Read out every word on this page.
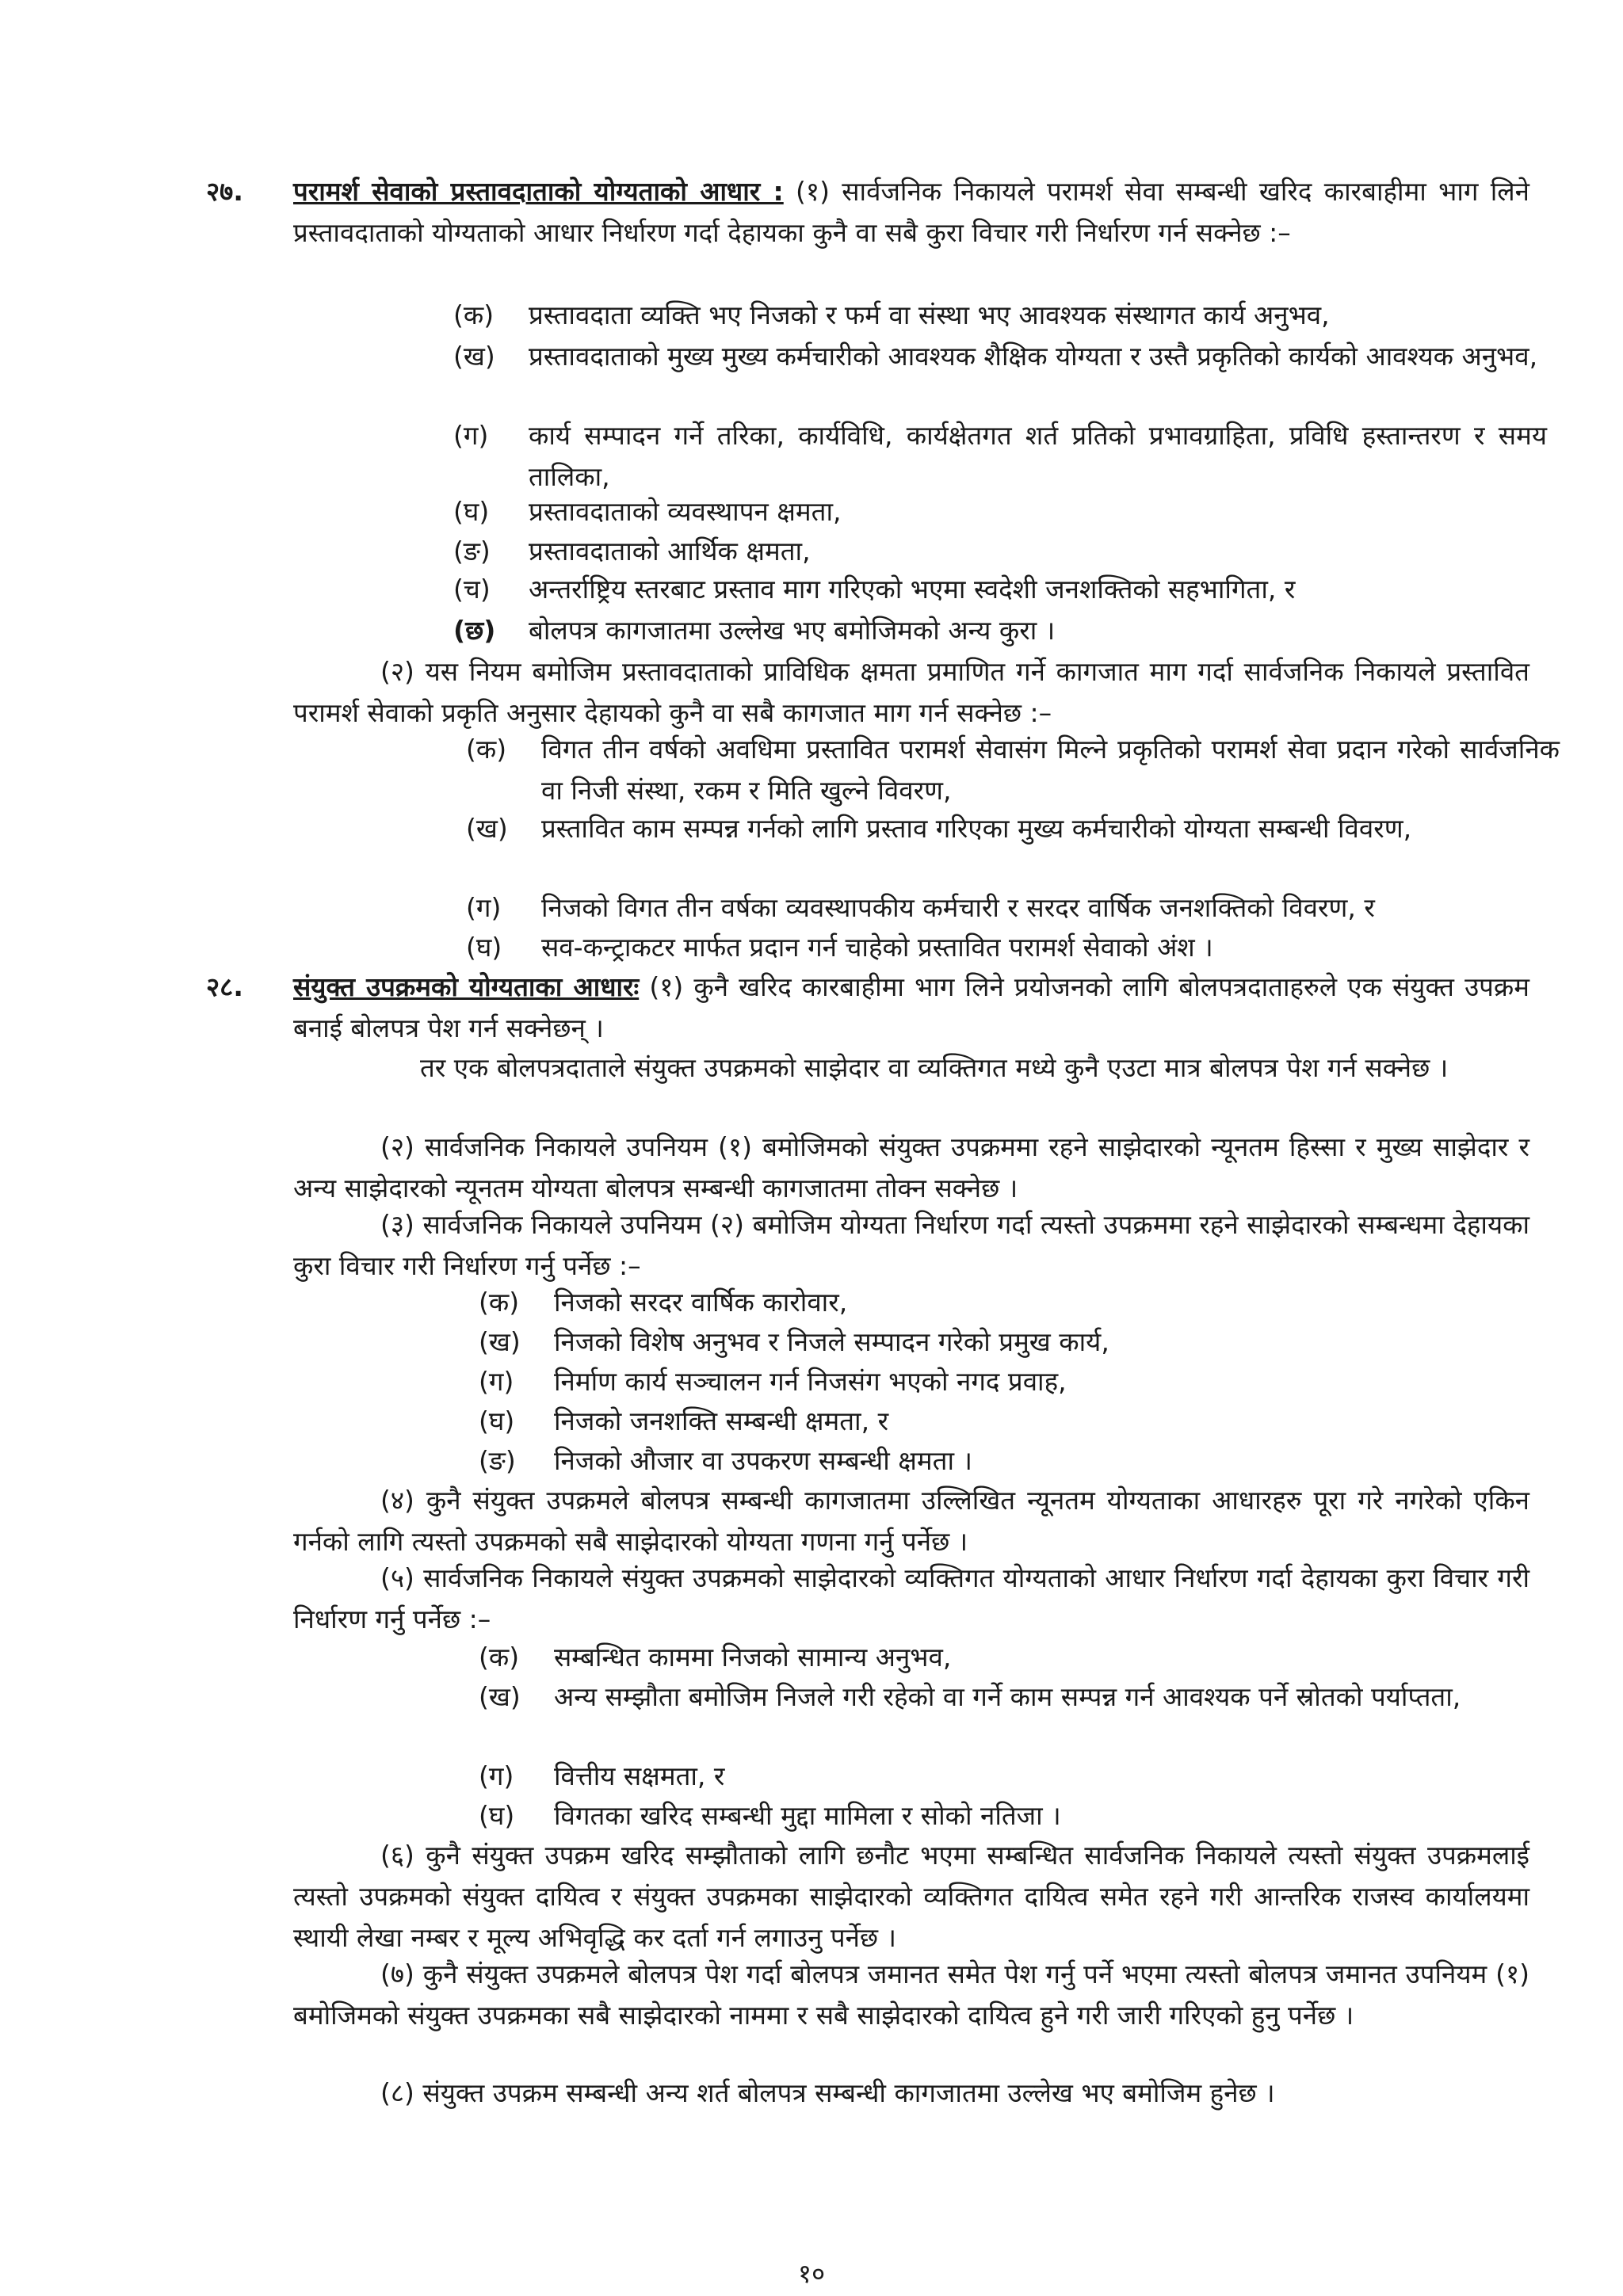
२७. परामर्श सेवाको प्रस्तावदाताको योग्यताको आधार : (१) सार्वजनिक निकायले परामर्श सेवा सम्बन्धी खरिद कारबाहीमा भाग लिने प्रस्तावदाताको योग्यताको आधार निर्धारण गर्दा देहायका कुनै वा सबै कुरा विचार गरी निर्धारण गर्न सक्नेछ :–

(क)	प्रस्तावदाता व्यक्ति भए निजको र फर्म वा संस्था भए आवश्यक संस्थागत कार्य अनुभव,
(ख)	प्रस्तावदाताको मुख्य मुख्य कर्मचारीको आवश्यक शैक्षिक योग्यता र उस्तै प्रकृतिको कार्यको आवश्यक अनुभव,
(ग)	कार्य सम्पादन गर्ने तरिका, कार्यविधि, कार्यक्षेतगत शर्त प्रतिको प्रभावग्राहिता, प्रविधि हस्तान्तरण र समय तालिका,
(घ)	प्रस्तावदाताको व्यवस्थापन क्षमता,
(ङ)	प्रस्तावदाताको आर्थिक क्षमता,
(च)	अन्तर्राष्ट्रिय स्तरबाट प्रस्ताव माग गरिएको भएमा स्वदेशी जनशक्तिको सहभागिता, र
(छ)	बोलपत्र कागजातमा उल्लेख भए बमोजिमको अन्य कुरा ।

(२) यस नियम बमोजिम प्रस्तावदाताको प्राविधिक क्षमता प्रमाणित गर्ने कागजात माग गर्दा सार्वजनिक निकायले प्रस्तावित परामर्श सेवाको प्रकृति अनुसार देहायको कुनै वा सबै कागजात माग गर्न सक्नेछ :–

(क)	विगत तीन वर्षको अवधिमा प्रस्तावित परामर्श सेवासंग मिल्ने प्रकृतिको परामर्श सेवा प्रदान गरेको सार्वजनिक वा निजी संस्था, रकम र मिति खुल्ने विवरण,
(ख)	प्रस्तावित काम सम्पन्न गर्नको लागि प्रस्ताव गरिएका मुख्य कर्मचारीको योग्यता सम्बन्धी विवरण,
(ग)	निजको विगत तीन वर्षका व्यवस्थापकीय कर्मचारी र सरदर वार्षिक जनशक्तिको विवरण, र
(घ)	सव-कन्ट्राकटर मार्फत प्रदान गर्न चाहेको प्रस्तावित परामर्श सेवाको अंश ।
२८. संयुक्त उपक्रमको योग्यताका आधारः (१) कुनै खरिद कारबाहीमा भाग लिने प्रयोजनको लागि बोलपत्रदाताहरुले एक संयुक्त उपक्रम बनाई बोलपत्र पेश गर्न सक्नेछन् ।

तर एक बोलपत्रदाताले संयुक्त उपक्रमको साझेदार वा व्यक्तिगत मध्ये कुनै एउटा मात्र बोलपत्र पेश गर्न सक्नेछ ।

(२) सार्वजनिक निकायले उपनियम (१) बमोजिमको संयुक्त उपक्रममा रहने साझेदारको न्यूनतम हिस्सा र मुख्य साझेदार र अन्य साझेदारको न्यूनतम योग्यता बोलपत्र सम्बन्धी कागजातमा तोक्न सक्नेछ ।

(३) सार्वजनिक निकायले उपनियम (२) बमोजिम योग्यता निर्धारण गर्दा त्यस्तो उपक्रममा रहने साझेदारको सम्बन्धमा देहायका कुरा विचार गरी निर्धारण गर्नु पर्नेछ :–

(क)	निजको सरदर वार्षिक कारोवार,
(ख)	निजको विशेष अनुभव र निजले सम्पादन गरेको प्रमुख कार्य,
(ग)	निर्माण कार्य सञ्चालन गर्न निजसंग भएको नगद प्रवाह,
(घ)	निजको जनशक्ति सम्बन्धी क्षमता, र
(ङ)	निजको औजार वा उपकरण सम्बन्धी क्षमता ।

(४) कुनै संयुक्त उपक्रमले बोलपत्र सम्बन्धी कागजातमा उल्लिखित न्यूनतम योग्यताका आधारहरु पूरा गरे नगरेको एकिन गर्नको लागि त्यस्तो उपक्रमको सबै साझेदारको योग्यता गणना गर्नु पर्नेछ ।

(५) सार्वजनिक निकायले संयुक्त उपक्रमको साझेदारको व्यक्तिगत योग्यताको आधार निर्धारण गर्दा देहायका कुरा विचार गरी निर्धारण गर्नु पर्नेछ :–

(क)	सम्बन्धित काममा निजको सामान्य अनुभव,
(ख)	अन्य सम्झौता बमोजिम निजले गरी रहेको वा गर्ने काम सम्पन्न गर्न आवश्यक पर्ने स्रोतको पर्याप्तता,
(ग)	वित्तीय सक्षमता, र
(घ)	विगतका खरिद सम्बन्धी मुद्दा मामिला र सोको नतिजा ।

(६) कुनै संयुक्त उपक्रम खरिद सम्झौताको लागि छनौट भएमा सम्बन्धित सार्वजनिक निकायले त्यस्तो संयुक्त उपक्रमलाई त्यस्तो उपक्रमको संयुक्त दायित्व र संयुक्त उपक्रमका साझेदारको व्यक्तिगत दायित्व समेत रहने गरी आन्तरिक राजस्व कार्यालयमा स्थायी लेखा नम्बर र मूल्य अभिवृद्धि कर दर्ता गर्न लगाउनु पर्नेछ ।

(७) कुनै संयुक्त उपक्रमले बोलपत्र पेश गर्दा बोलपत्र जमानत समेत पेश गर्नु पर्ने भएमा त्यस्तो बोलपत्र जमानत उपनियम (१) बमोजिमको संयुक्त उपक्रमका सबै साझेदारको नाममा र सबै साझेदारको दायित्व हुने गरी जारी गरिएको हुनु पर्नेछ ।

(८) संयुक्त उपक्रम सम्बन्धी अन्य शर्त बोलपत्र सम्बन्धी कागजातमा उल्लेख भए बमोजिम हुनेछ ।

१०
